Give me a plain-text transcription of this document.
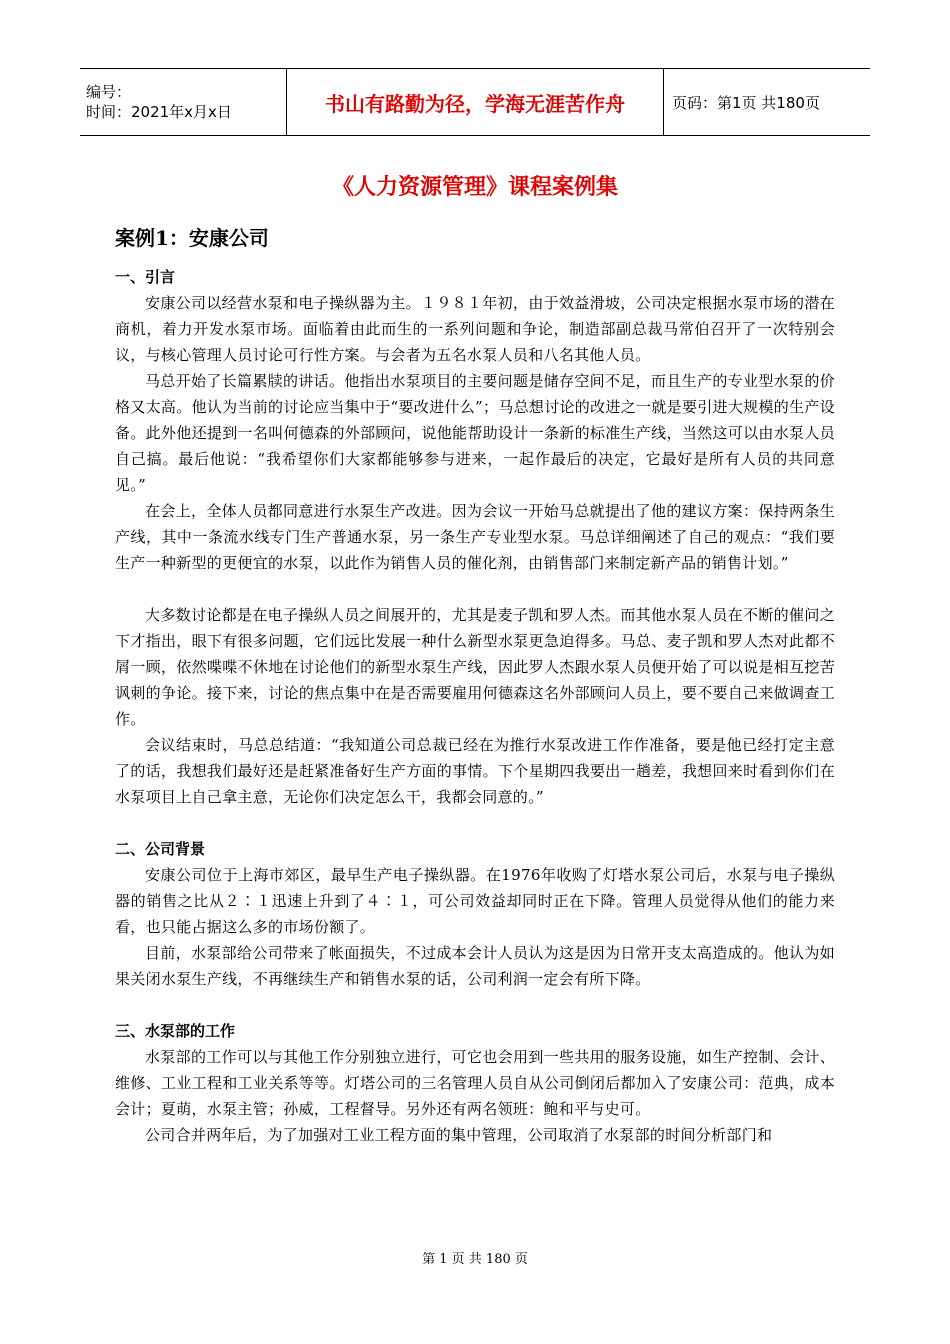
编号：
时间：2021年x月x日	书山有路勤为径，学海无涯苦作舟	页码：第1页 共180页
《人力资源管理》课程案例集
案例1：安康公司

一、引言

安康公司以经营水泵和电子操纵器为主。１９８１年初，由于效益滑坡，公司决定根据水泵市场的潜在商机，着力开发水泵市场。面临着由此而生的一系列问题和争论，制造部副总裁马常伯召开了一次特别会议，与核心管理人员讨论可行性方案。与会者为五名水泵人员和八名其他人员。

马总开始了长篇累牍的讲话。他指出水泵项目的主要问题是储存空间不足，而且生产的专业型水泵的价格又太高。他认为当前的讨论应当集中于“要改进什么”；马总想讨论的改进之一就是要引进大规模的生产设备。此外他还提到一名叫何德森的外部顾问，说他能帮助设计一条新的标准生产线，当然这可以由水泵人员自己搞。最后他说：“我希望你们大家都能够参与进来，一起作最后的决定，它最好是所有人员的共同意见。”

在会上，全体人员都同意进行水泵生产改进。因为会议一开始马总就提出了他的建议方案：保持两条生产线，其中一条流水线专门生产普通水泵，另一条生产专业型水泵。马总详细阐述了自己的观点：“我们要生产一种新型的更便宜的水泵，以此作为销售人员的催化剂，由销售部门来制定新产品的销售计划。”

大多数讨论都是在电子操纵人员之间展开的，尤其是麦子凯和罗人杰。而其他水泵人员在不断的催问之下才指出，眼下有很多问题，它们远比发展一种什么新型水泵更急迫得多。马总、麦子凯和罗人杰对此都不屑一顾，依然喋喋不休地在讨论他们的新型水泵生产线，因此罗人杰跟水泵人员便开始了可以说是相互挖苦讽刺的争论。接下来，讨论的焦点集中在是否需要雇用何德森这名外部顾问人员上，要不要自己来做调查工作。

会议结束时，马总总结道：“我知道公司总裁已经在为推行水泵改进工作作准备，要是他已经打定主意了的话，我想我们最好还是赶紧准备好生产方面的事情。下个星期四我要出一趟差，我想回来时看到你们在水泵项目上自己拿主意，无论你们决定怎么干，我都会同意的。”

二、公司背景

安康公司位于上海市郊区，最早生产电子操纵器。在1976年收购了灯塔水泵公司后，水泵与电子操纵器的销售之比从２∶１迅速上升到了４∶１，可公司效益却同时正在下降。管理人员觉得从他们的能力来看，也只能占据这么多的市场份额了。

目前，水泵部给公司带来了帐面损失，不过成本会计人员认为这是因为日常开支太高造成的。他认为如果关闭水泵生产线，不再继续生产和销售水泵的话，公司利润一定会有所下降。

三、水泵部的工作

水泵部的工作可以与其他工作分别独立进行，可它也会用到一些共用的服务设施，如生产控制、会计、维修、工业工程和工业关系等等。灯塔公司的三名管理人员自从公司倒闭后都加入了安康公司：范典，成本会计；夏萌，水泵主管；孙威，工程督导。另外还有两名领班：鲍和平与史可。

公司合并两年后，为了加强对工业工程方面的集中管理，公司取消了水泵部的时间分析部门和

第 1 页 共 180 页
